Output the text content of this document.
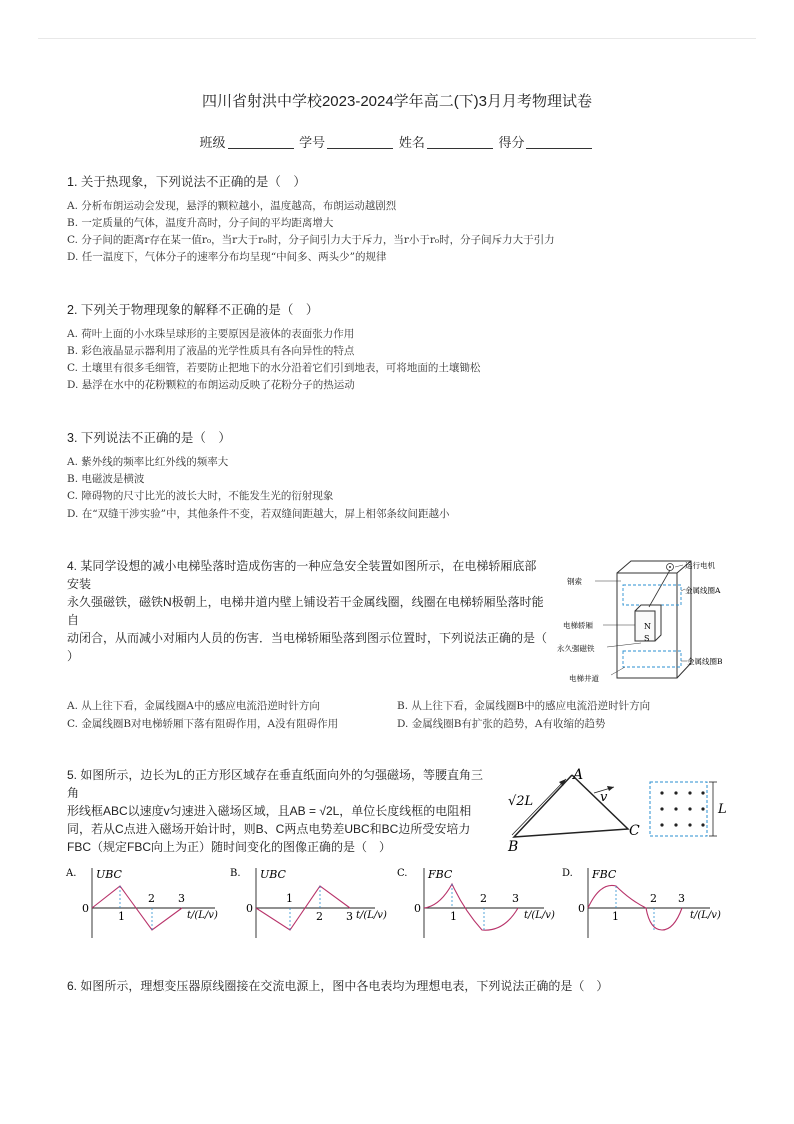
四川省射洪中学校2023-2024学年高二(下)3月月考物理试卷
班级	学号	姓名	得分
1. 关于热现象，下列说法不正确的是（　）
A. 分析布朗运动会发现，悬浮的颗粒越小，温度越高，布朗运动越剧烈
B. 一定质量的气体，温度升高时，分子间的平均距离增大
C. 分子间的距离r存在某一值r₀，当r大于r₀时，分子间引力大于斥力，当r小于r₀时，分子间斥力大于引力
D. 任一温度下，气体分子的速率分布均呈现“中间多、两头少”的规律
2. 下列关于物理现象的解释不正确的是（　）
A. 荷叶上面的小水珠呈球形的主要原因是液体的表面张力作用
B. 彩色液晶显示器利用了液晶的光学性质具有各向异性的特点
C. 土壤里有很多毛细管，若要防止把地下的水分沿着它们引到地表，可将地面的土壤锄松
D. 悬浮在水中的花粉颗粒的布朗运动反映了花粉分子的热运动
3. 下列说法不正确的是（　）
A. 紫外线的频率比红外线的频率大
B. 电磁波是横波
C. 障碍物的尺寸比光的波长大时，不能发生光的衍射现象
D. 在“双缝干涉实验”中，其他条件不变，若双缝间距越大，屏上相邻条纹间距越小
4. 某同学设想的减小电梯坠落时造成伤害的一种应急安全装置如图所示，在电梯轿厢底部安装
永久强磁铁，磁铁N极朝上，电梯井道内壁上铺设若干金属线圈，线圈在电梯轿厢坠落时能自
动闭合，从而减小对厢内人员的伤害．当电梯轿厢坠落到图示位置时，下列说法正确的是（
）
N
S
运行电机
钢索
金属线圈A
电梯轿厢
永久强磁铁
金属线圈B
电梯井道
A. 从上往下看，金属线圈A中的感应电流沿逆时针方向	B. 从上往下看，金属线圈B中的感应电流沿逆时针方向
C. 金属线圈B对电梯轿厢下落有阻碍作用，A没有阻碍作用	D. 金属线圈B有扩张的趋势，A有收缩的趋势
5. 如图所示，边长为L的正方形区域存在垂直纸面向外的匀强磁场，等腰直角三角
形线框ABC以速度v匀速进入磁场区域，且AB = √2L，单位长度线框的电阻相
同，若从C点进入磁场开始计时，则B、C两点电势差UBC和BC边所受安培力
FBC（规定FBC向上为正）随时间变化的图像正确的是（　）
A
B
C
√2L	v
L
A. UBC
0
1
2 3
t/(L/v)
B. UBC
0
1
2 3 t/(L/v)
C. FBC
0
1
2 3
t/(L/v)
D. FBC
0
1
2 3
t/(L/v)
6. 如图所示，理想变压器原线圈接在交流电源上，图中各电表均为理想电表，下列说法正确的是（　）
